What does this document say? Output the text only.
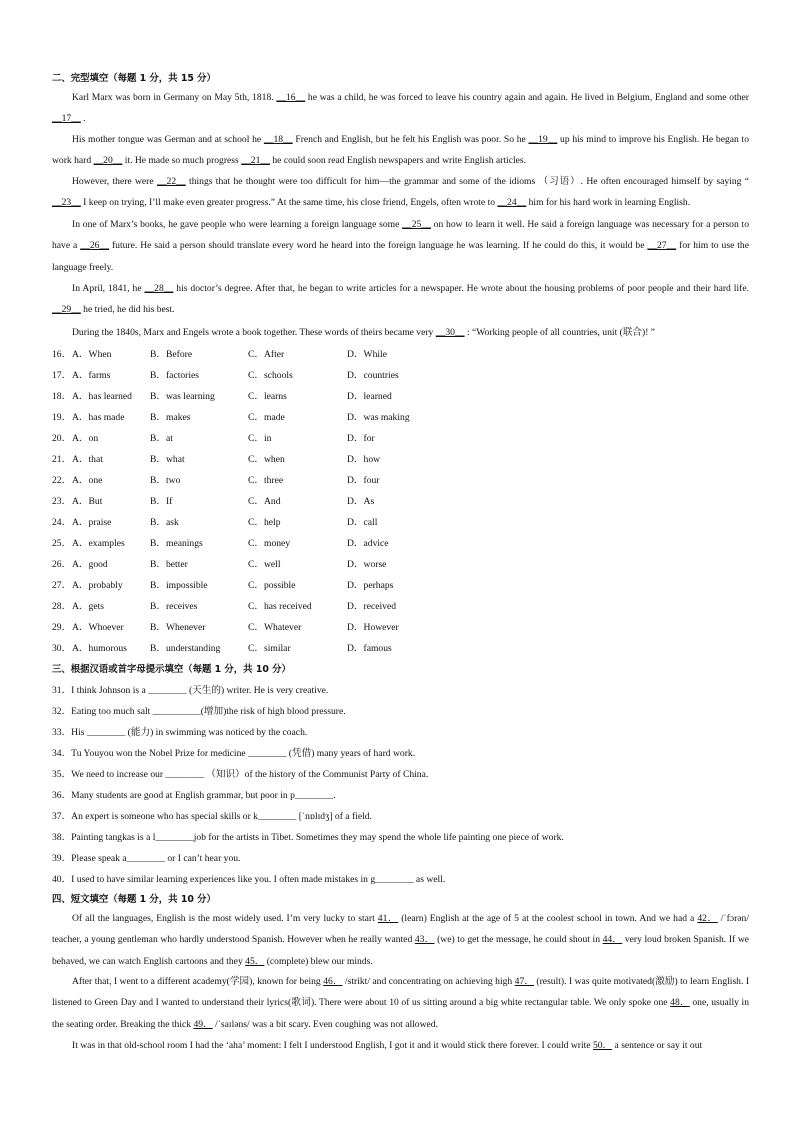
二、完型填空（每题 1 分，共 15 分）
Karl Marx was born in Germany on May 5th, 1818. __16__ he was a child, he was forced to leave his country again and again. He lived in Belgium, England and some other __17__ .
His mother tongue was German and at school he __18__ French and English, but he felt his English was poor. So he __19__ up his mind to improve his English. He began to work hard __20__ it. He made so much progress __21__ he could soon read English newspapers and write English articles.
However, there were __22__ things that he thought were too difficult for him—the grammar and some of the idioms （习语）. He often encouraged himself by saying “ __23__ I keep on trying, I’ll make even greater progress.” At the same time, his close friend, Engels, often wrote to __24__ him for his hard work in learning English.
In one of Marx’s books, he gave people who were learning a foreign language some __25__ on how to learn it well. He said a foreign language was necessary for a person to have a __26__ future. He said a person should translate every word he heard into the foreign language he was learning. If he could do this, it would be __27__ for him to use the language freely.
In April, 1841, he __28__ his doctor’s degree. After that, he began to write articles for a newspaper. He wrote about the housing problems of poor people and their hard life. __29__ he tried, he did his best.
During the 1840s, Marx and Engels wrote a book together. These words of theirs became very __30__ : “Working people of all countries, unit (联合)! ”
16． A．When	B．Before	C．After	D．While
17． A．farms	B．factories	C．schools	D．countries
18． A．has learned B．was learning	C．learns	D．learned
19． A．has made	B．makes	C．made	D．was making
20． A．on	B．at	C．in	D．for
21． A．that	B．what	C．when	D．how
22． A．one	B．two	C．three	D．four
23． A．But	B．If	C．And	D．As
24． A．praise	B．ask	C．help	D．call
25． A．examples	B．meanings	C．money	D．advice
26． A．good	B．better	C．well	D．worse
27． A．probably	B．impossible	C．possible	D．perhaps
28． A．gets	B．receives	C．has received	D．received
29． A．Whoever	B．Whenever	C．Whatever	D．However
30． A．humorous B．understanding	C．similar	D．famous
三、根据汉语或首字母提示填空（每题 1 分，共 10 分）
31．I think Johnson is a ________ (天生的) writer. He is very creative.
32．Eating too much salt __________(增加)the risk of high blood pressure.
33．His ________ (能力) in swimming was noticed by the coach.
34．Tu Youyou won the Nobel Prize for medicine ________ (凭借) many years of hard work.
35．We need to increase our ________ （知识）of the history of the Communist Party of China.
36．Many students are good at English grammar, but poor in p________.
37．An expert is someone who has special skills or k________ [ˈnɒlɪdʒ] of a field.
38．Painting tangkas is a l________job for the artists in Tibet. Sometimes they may spend the whole life painting one piece of work.
39．Please speak a________ or I can’t hear you.
40．I used to have similar learning experiences like you. I often made mistakes in g________ as well.
四、短文填空（每题 1 分，共 10 分）
Of all the languages, English is the most widely used. I’m very lucky to start 41． (learn) English at the age of 5 at the coolest school in town. And we had a 42． /ˈfɔrən/ teacher, a young gentleman who hardly understood Spanish. However when he really wanted 43． (we) to get the message, he could shout in 44． very loud broken Spanish. If we behaved, we can watch English cartoons and they 45． (complete) blew our minds.
After that, I went to a different academy(学园), known for being 46． /strikt/ and concentrating on achieving high 47． (result). I was quite motivated(激励) to learn English. I listened to Green Day and I wanted to understand their lyrics(歌词). There were about 10 of us sitting around a big white rectangular table. We only spoke one 48． one, usually in the seating order. Breaking the thick 49． /ˈsaɪləns/ was a bit scary. Even coughing was not allowed.
It was in that old-school room I had the ‘aha’ moment: I felt I understood English, I got it and it would stick there forever. I could write 50． a sentence or say it out
